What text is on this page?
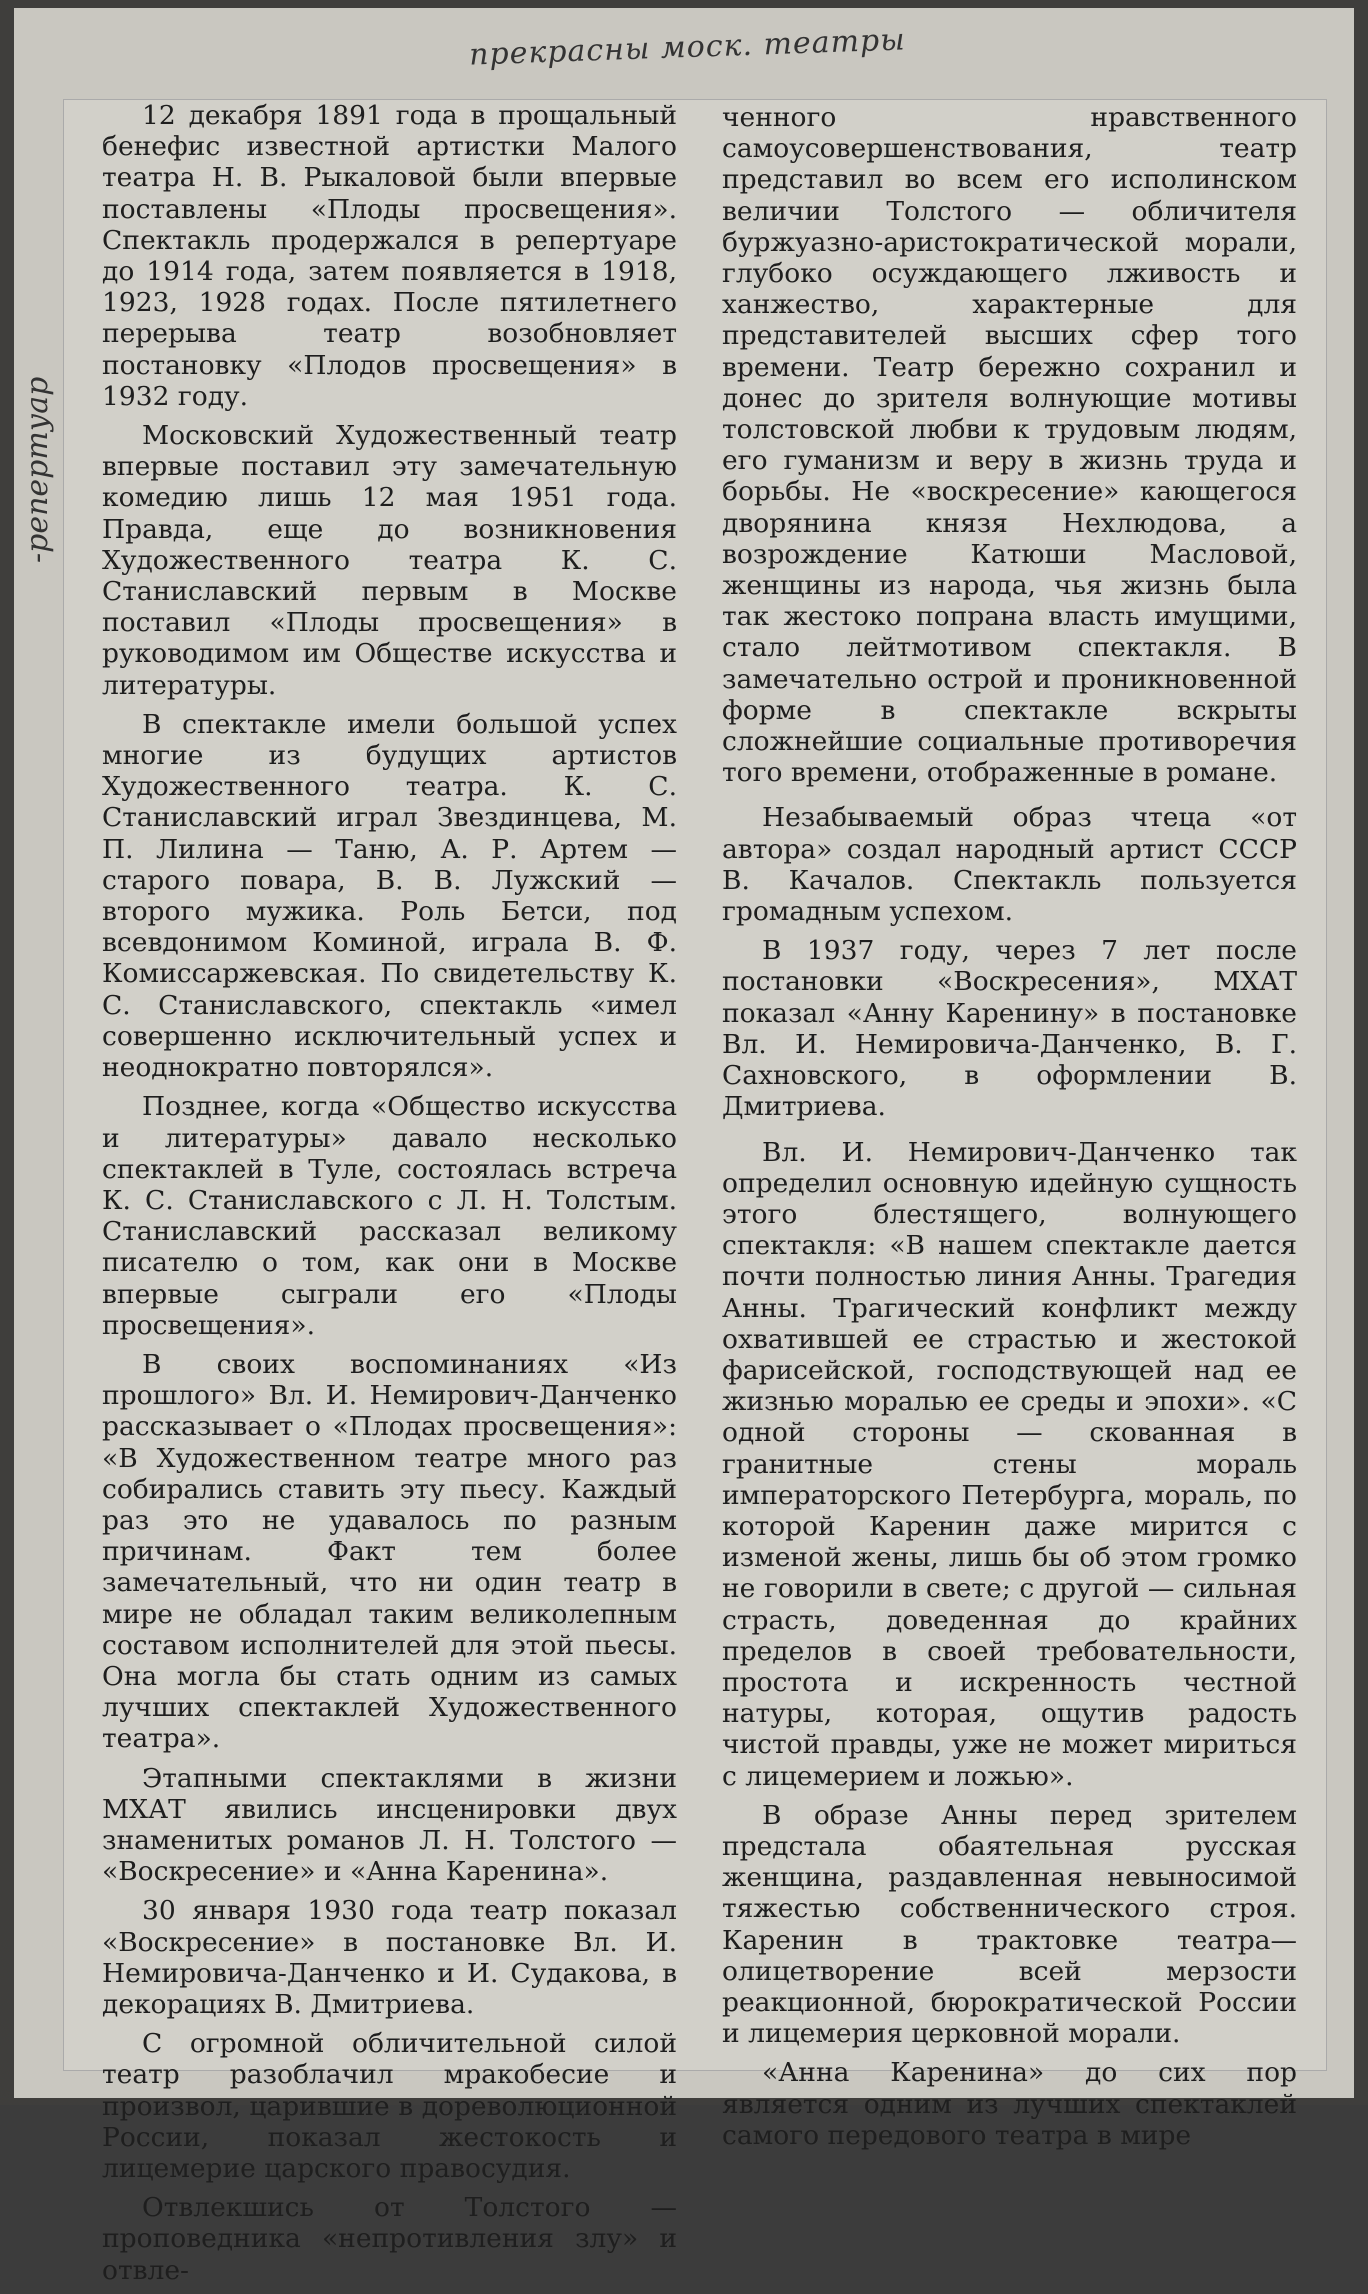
прекрасны моск. театры
-репертуар

12 декабря 1891 года в прощальный бенефис известной артистки Малого театра Н. В. Рыкаловой были впервые поставлены «Плоды просвещения». Спектакль продержался в репертуаре до 1914 года, затем появляется в 1918, 1923, 1928 годах. После пятилетнего перерыва театр возобновляет постановку «Плодов просвещения» в 1932 году.

Московский Художественный театр впервые поставил эту замечательную комедию лишь 12 мая 1951 года. Правда, еще до возникновения Художественного театра К. С. Станиславский первым в Москве поставил «Плоды просвещения» в руководимом им Обществе искусства и литературы.

В спектакле имели большой успех многие из будущих артистов Художественного театра. К. С. Станиславский играл Звездинцева, М. П. Лилина — Таню, А. Р. Артем — старого повара, В. В. Лужский — второго мужика. Роль Бетси, под всевдонимом Коминой, играла В. Ф. Комиссаржевская. По свидетельству К. С. Станиславского, спектакль «имел совершенно исключительный успех и неоднократно повторялся».

Позднее, когда «Общество искусства и литературы» давало несколько спектаклей в Туле, состоялась встреча К. С. Станиславского с Л. Н. Толстым. Станиславский рассказал великому писателю о том, как они в Москве впервые сыграли его «Плоды просвещения».

В своих воспоминаниях «Из прошлого» Вл. И. Немирович-Данченко рассказывает о «Плодах просвещения»: «В Художественном театре много раз собирались ставить эту пьесу. Каждый раз это не удавалось по разным причинам. Факт тем более замечательный, что ни один театр в мире не обладал таким великолепным составом исполнителей для этой пьесы. Она могла бы стать одним из самых лучших спектаклей Художественного театра».

Этапными спектаклями в жизни МХАТ явились инсценировки двух знаменитых романов Л. Н. Толстого — «Воскресение» и «Анна Каренина».

30 января 1930 года театр показал «Воскресение» в постановке Вл. И. Немировича-Данченко и И. Судакова, в декорациях В. Дмитриева.

С огромной обличительной силой театр разоблачил мракобесие и произвол, царившие в дореволюционной России, показал жестокость и лицемерие царского правосудия.

Отвлекшись от Толстого — проповедника «непротивления злу» и отвле-

ченного нравственного самоусовершенствования, театр представил во всем его исполинском величии Толстого — обличителя буржуазно-аристократической морали, глубоко осуждающего лживость и ханжество, характерные для представителей высших сфер того времени. Театр бережно сохранил и донес до зрителя волнующие мотивы толстовской любви к трудовым людям, его гуманизм и веру в жизнь труда и борьбы. Не «воскресение» кающегося дворянина князя Нехлюдова, а возрождение Катюши Масловой, женщины из народа, чья жизнь была так жестоко попрана власть имущими, стало лейтмотивом спектакля. В замечательно острой и проникновенной форме в спектакле вскрыты сложнейшие социальные противоречия того времени, отображенные в романе.

Незабываемый образ чтеца «от автора» создал народный артист СССР В. Качалов. Спектакль пользуется громадным успехом.

В 1937 году, через 7 лет после постановки «Воскресения», МХАТ показал «Анну Каренину» в постановке Вл. И. Немировича-Данченко, В. Г. Сахновского, в оформлении В. Дмитриева.

Вл. И. Немирович-Данченко так определил основную идейную сущность этого блестящего, волнующего спектакля: «В нашем спектакле дается почти полностью линия Анны. Трагедия Анны. Трагический конфликт между охватившей ее страстью и жестокой фарисейской, господствующей над ее жизнью моралью ее среды и эпохи». «С одной стороны — скованная в гранитные стены мораль императорского Петербурга, мораль, по которой Каренин даже мирится с изменой жены, лишь бы об этом громко не говорили в свете; с другой — сильная страсть, доведенная до крайних пределов в своей требовательности, простота и искренность честной натуры, которая, ощутив радость чистой правды, уже не может мириться с лицемерием и ложью».

В образе Анны перед зрителем предстала обаятельная русская женщина, раздавленная невыносимой тяжестью собственнического строя. Каренин в трактовке театра—олицетворение всей мерзости реакционной, бюрократической России и лицемерия церковной морали.

«Анна Каренина» до сих пор является одним из лучших спектаклей самого передового театра в мире
